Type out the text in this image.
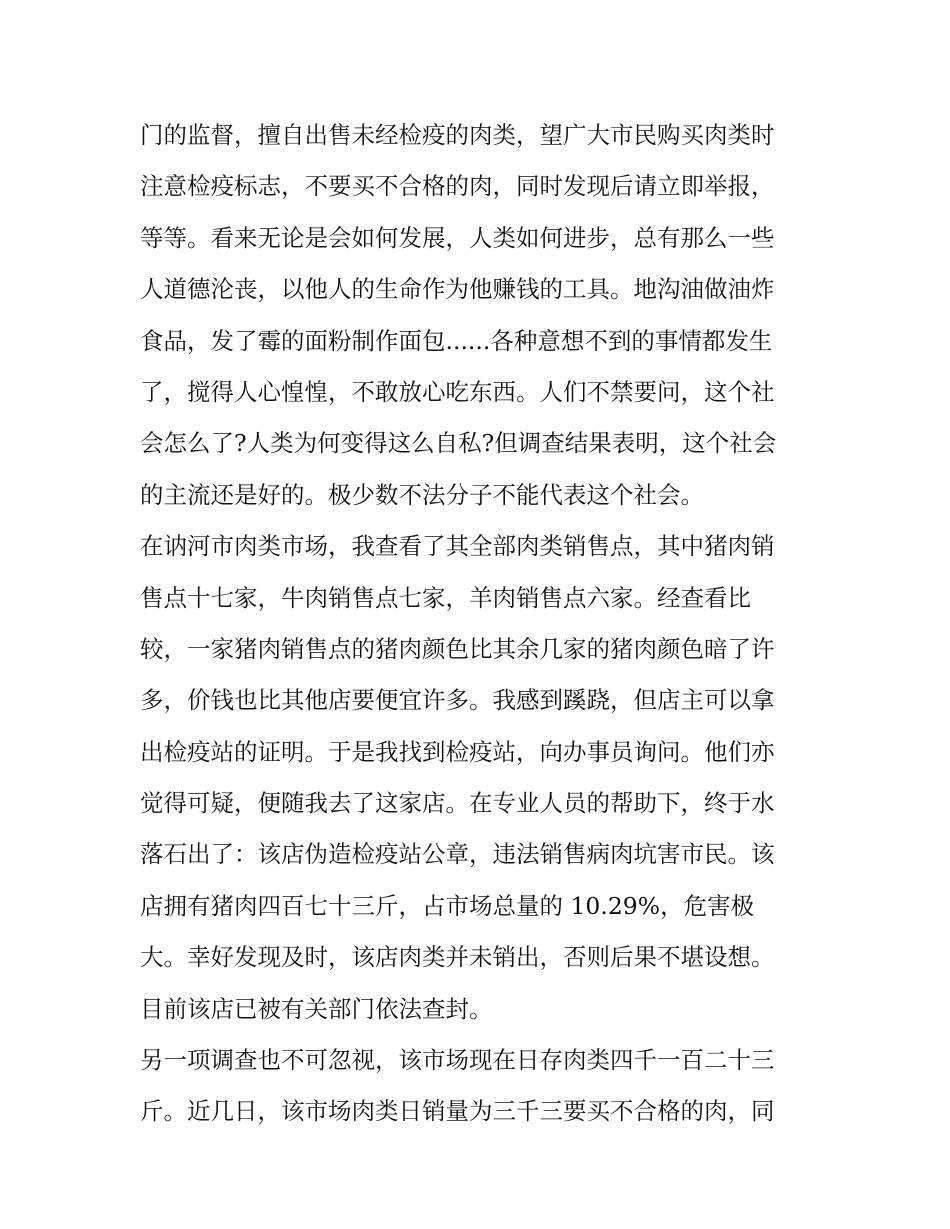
门的监督，擅自出售未经检疫的肉类，望广大市民购买肉类时
注意检疫标志，不要买不合格的肉，同时发现后请立即举报，
等等。看来无论是会如何发展，人类如何进步，总有那么一些
人道德沦丧，以他人的生命作为他赚钱的工具。地沟油做油炸
食品，发了霉的面粉制作面包......各种意想不到的事情都发生
了，搅得人心惶惶，不敢放心吃东西。人们不禁要问，这个社
会怎么了?人类为何变得这么自私?但调查结果表明，这个社会
的主流还是好的。极少数不法分子不能代表这个社会。
在讷河市肉类市场，我查看了其全部肉类销售点，其中猪肉销
售点十七家，牛肉销售点七家，羊肉销售点六家。经查看比
较，一家猪肉销售点的猪肉颜色比其余几家的猪肉颜色暗了许
多，价钱也比其他店要便宜许多。我感到蹊跷，但店主可以拿
出检疫站的证明。于是我找到检疫站，向办事员询问。他们亦
觉得可疑，便随我去了这家店。在专业人员的帮助下，终于水
落石出了：该店伪造检疫站公章，违法销售病肉坑害市民。该
店拥有猪肉四百七十三斤，占市场总量的 10.29%，危害极
大。幸好发现及时，该店肉类并未销出，否则后果不堪设想。
目前该店已被有关部门依法查封。
另一项调查也不可忽视，该市场现在日存肉类四千一百二十三
斤。近几日，该市场肉类日销量为三千三要买不合格的肉，同
